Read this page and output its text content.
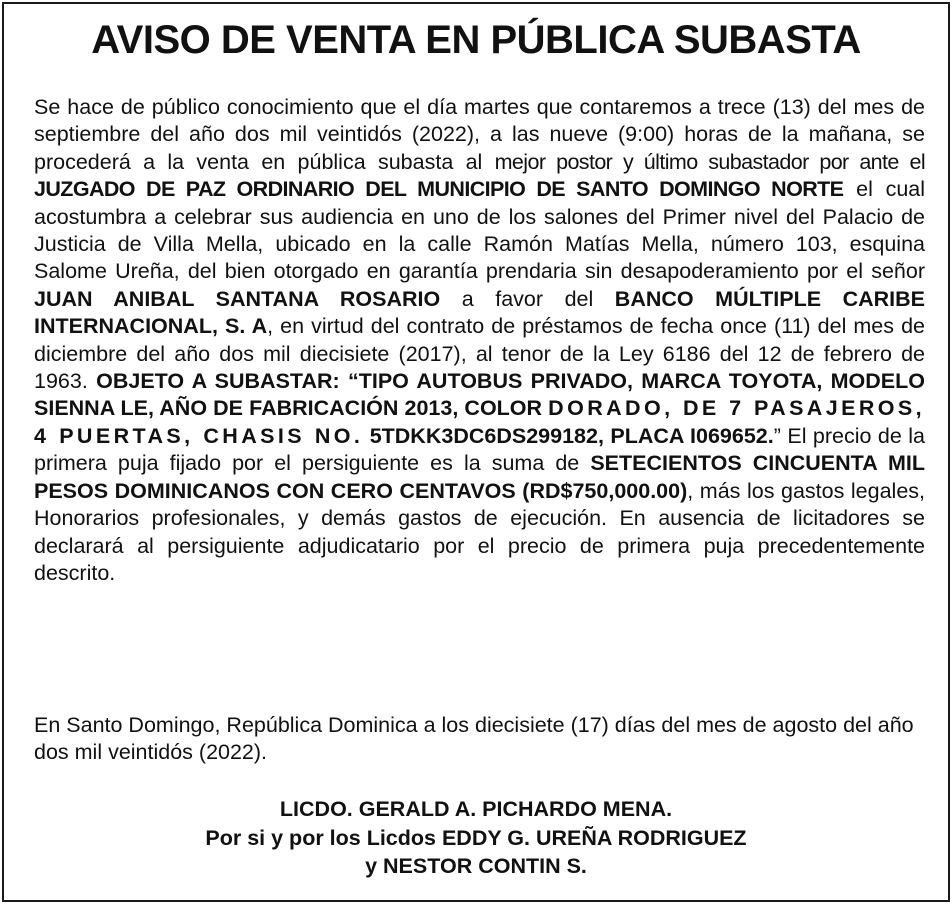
AVISO DE VENTA EN PÚBLICA SUBASTA
Se hace de público conocimiento que el día martes que contaremos a trece (13) del mes de septiembre del año dos mil veintidós (2022), a las nueve (9:00) horas de la mañana, se procederá a la venta en pública subasta al mejor postor y último subastador por ante el JUZGADO DE PAZ ORDINARIO DEL MUNICIPIO DE SANTO DOMINGO NORTE el cual acostumbra a celebrar sus audiencia en uno de los salones del Primer nivel del Palacio de Justicia de Villa Mella, ubicado en la calle Ramón Matías Mella, número 103, esquina Salome Ureña, del bien otorgado en garantía prendaria sin desapoderamiento por el señor JUAN ANIBAL SANTANA ROSARIO a favor del BANCO MÚLTIPLE CARIBE INTERNACIONAL, S. A, en virtud del contrato de préstamos de fecha once (11) del mes de diciembre del año dos mil diecisiete (2017), al tenor de la Ley 6186 del 12 de febrero de 1963. OBJETO A SUBASTAR: “TIPO AUTOBUS PRIVADO, MARCA TOYOTA, MODELO SIENNA LE, AÑO DE FABRICACIÓN 2013, COLOR DORADO, DE 7 PASAJEROS, 4 PUERTAS, CHASIS NO. 5TDKK3DC6DS299182, PLACA I069652.” El precio de la primera puja fijado por el persiguiente es la suma de SETECIENTOS CINCUENTA MIL PESOS DOMINICANOS CON CERO CENTAVOS (RD$750,000.00), más los gastos legales, Honorarios profesionales, y demás gastos de ejecución. En ausencia de licitadores se declarará al persiguiente adjudicatario por el precio de primera puja precedentemente descrito.
En Santo Domingo, República Dominica a los diecisiete (17) días del mes de agosto del año dos mil veintidós (2022).
LICDO. GERALD A. PICHARDO MENA.
Por si y por los Licdos EDDY G. UREÑA RODRIGUEZ
y NESTOR CONTIN S.
